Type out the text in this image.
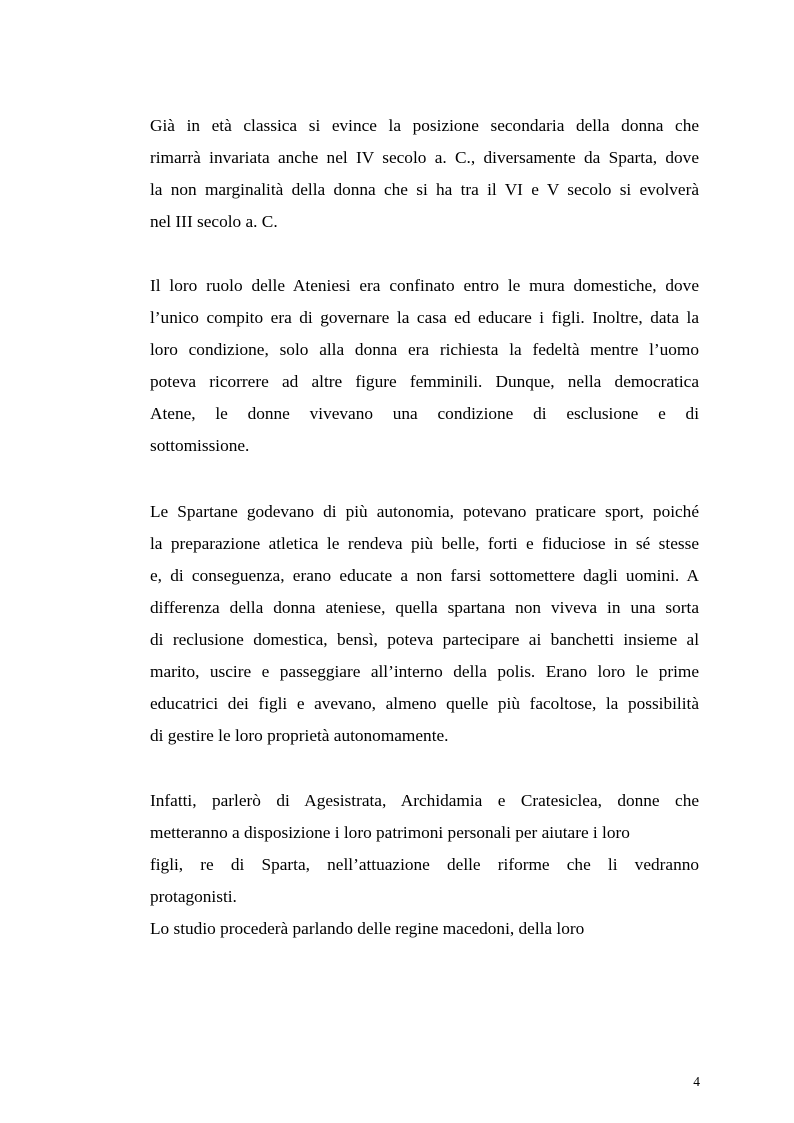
Già in età classica si evince la posizione secondaria della donna che
rimarrà invariata anche nel IV secolo a. C., diversamente da Sparta, dove
la non marginalità della donna che si ha tra il VI e V secolo si evolverà
nel III secolo a. C.
Il loro ruolo delle Ateniesi era confinato entro le mura domestiche, dove
l’unico compito era di governare la casa ed educare i figli. Inoltre, data la
loro condizione, solo alla donna era richiesta la fedeltà mentre l’uomo
poteva ricorrere ad altre figure femminili. Dunque, nella democratica
Atene, le donne vivevano una condizione di esclusione e di
sottomissione.
Le Spartane godevano di più autonomia, potevano praticare sport, poiché
la preparazione atletica le rendeva più belle, forti e fiduciose in sé stesse
e, di conseguenza, erano educate a non farsi sottomettere dagli uomini. A
differenza della donna ateniese, quella spartana non viveva in una sorta
di reclusione domestica, bensì, poteva partecipare ai banchetti insieme al
marito, uscire e passeggiare all’interno della polis. Erano loro le prime
educatrici dei figli e avevano, almeno quelle più facoltose, la possibilità
di gestire le loro proprietà autonomamente.
Infatti, parlerò di Agesistrata, Archidamia e Cratesiclea, donne che
metteranno a disposizione i loro patrimoni personali per aiutare i loro
figli, re di Sparta, nell’attuazione delle riforme che li vedranno
protagonisti.
Lo studio procederà parlando delle regine macedoni, della loro
4
